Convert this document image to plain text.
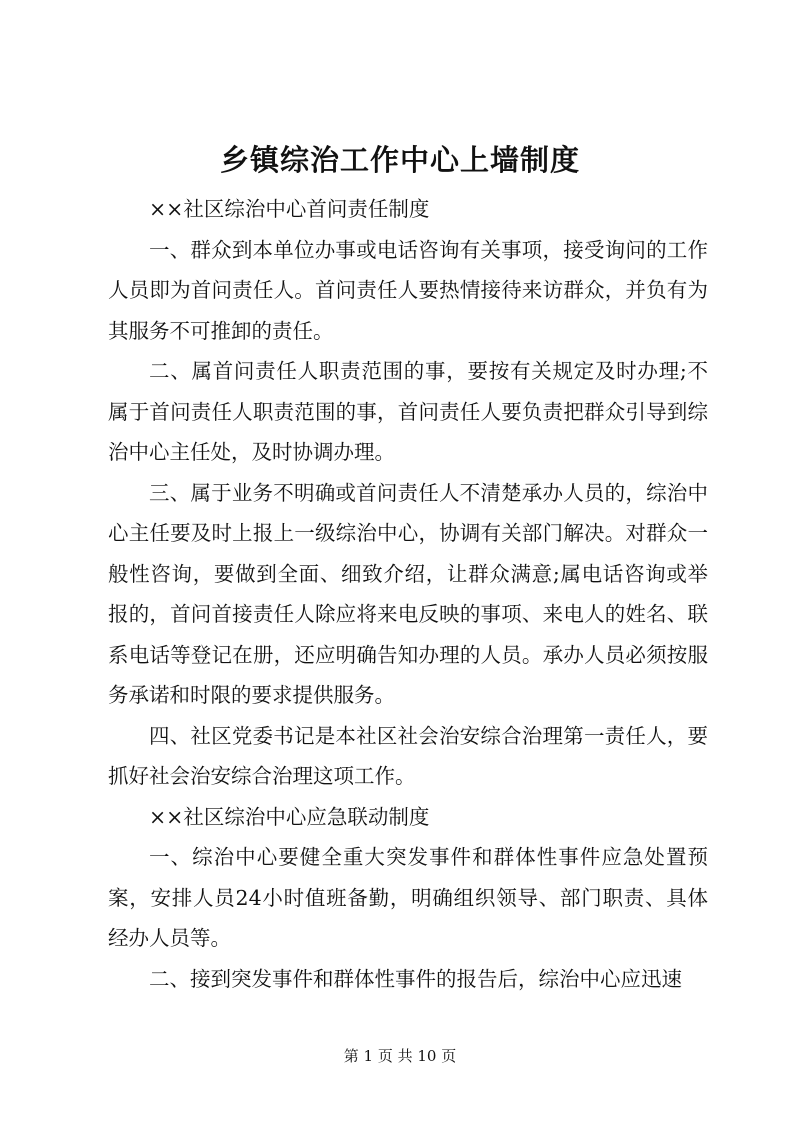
乡镇综治工作中心上墙制度

××社区综治中心首问责任制度

一、群众到本单位办事或电话咨询有关事项，接受询问的工作人员即为首问责任人。首问责任人要热情接待来访群众，并负有为其服务不可推卸的责任。

二、属首问责任人职责范围的事，要按有关规定及时办理;不属于首问责任人职责范围的事，首问责任人要负责把群众引导到综治中心主任处，及时协调办理。

三、属于业务不明确或首问责任人不清楚承办人员的，综治中心主任要及时上报上一级综治中心，协调有关部门解决。对群众一般性咨询，要做到全面、细致介绍，让群众满意;属电话咨询或举报的，首问首接责任人除应将来电反映的事项、来电人的姓名、联系电话等登记在册，还应明确告知办理的人员。承办人员必须按服务承诺和时限的要求提供服务。

四、社区党委书记是本社区社会治安综合治理第一责任人，要抓好社会治安综合治理这项工作。

××社区综治中心应急联动制度

一、综治中心要健全重大突发事件和群体性事件应急处置预案，安排人员24小时值班备勤，明确组织领导、部门职责、具体经办人员等。

二、接到突发事件和群体性事件的报告后，综治中心应迅速

第 1 页 共 10 页
